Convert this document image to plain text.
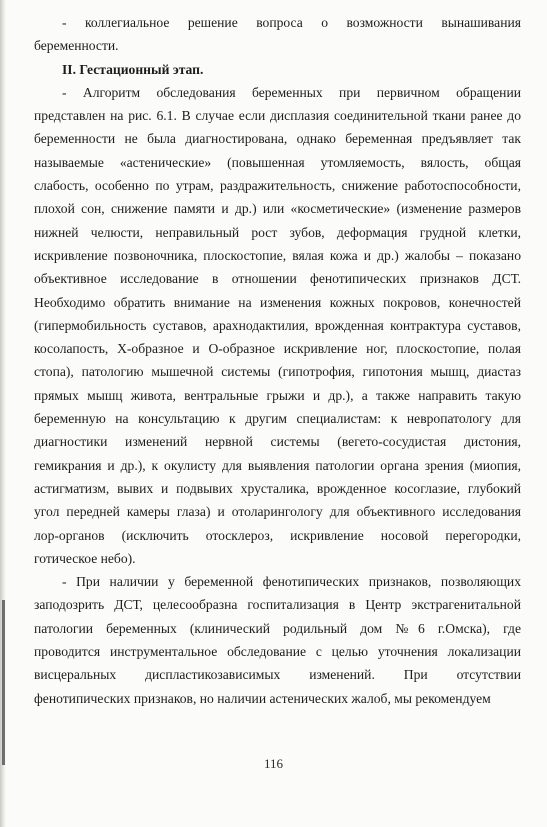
- коллегиальное решение вопроса о возможности вынашивания
беременности.
II. Гестационный этап.
- Алгоритм обследования беременных при первичном обращении
представлен на рис. 6.1. В случае если дисплазия соединительной ткани ранее до
беременности не была диагностирована, однако беременная предъявляет так
называемые «астенические» (повышенная утомляемость, вялость, общая
слабость, особенно по утрам, раздражительность, снижение работоспособности,
плохой сон, снижение памяти и др.) или «косметические» (изменение размеров
нижней челюсти, неправильный рост зубов, деформация грудной клетки,
искривление позвоночника, плоскостопие, вялая кожа и др.) жалобы – показано
объективное исследование в отношении фенотипических признаков ДСТ.
Необходимо обратить внимание на изменения кожных покровов, конечностей
(гипермобильность суставов, арахнодактилия, врожденная контрактура суставов,
косолапость, Х-образное и О-образное искривление ног, плоскостопие, полая
стопа), патологию мышечной системы (гипотрофия, гипотония мышц, диастаз
прямых мышц живота, вентральные грыжи и др.), а также направить такую
беременную на консультацию к другим специалистам: к невропатологу для
диагностики изменений нервной системы (вегето-сосудистая дистония,
гемикрания и др.), к окулисту для выявления патологии органа зрения (миопия,
астигматизм, вывих и подвывих хрусталика, врожденное косоглазие, глубокий
угол передней камеры глаза) и отоларингологу для объективного исследования
лор-органов (исключить отосклероз, искривление носовой перегородки,
готическое небо).
- При наличии у беременной фенотипических признаков, позволяющих
заподозрить ДСТ, целесообразна госпитализация в Центр экстрагенитальной
патологии беременных (клинический родильный дом №6 г.Омска), где
проводится инструментальное обследование с целью уточнения локализации
висцеральных диспластикозависимых изменений. При отсутствии
фенотипических признаков, но наличии астенических жалоб, мы рекомендуем
116
